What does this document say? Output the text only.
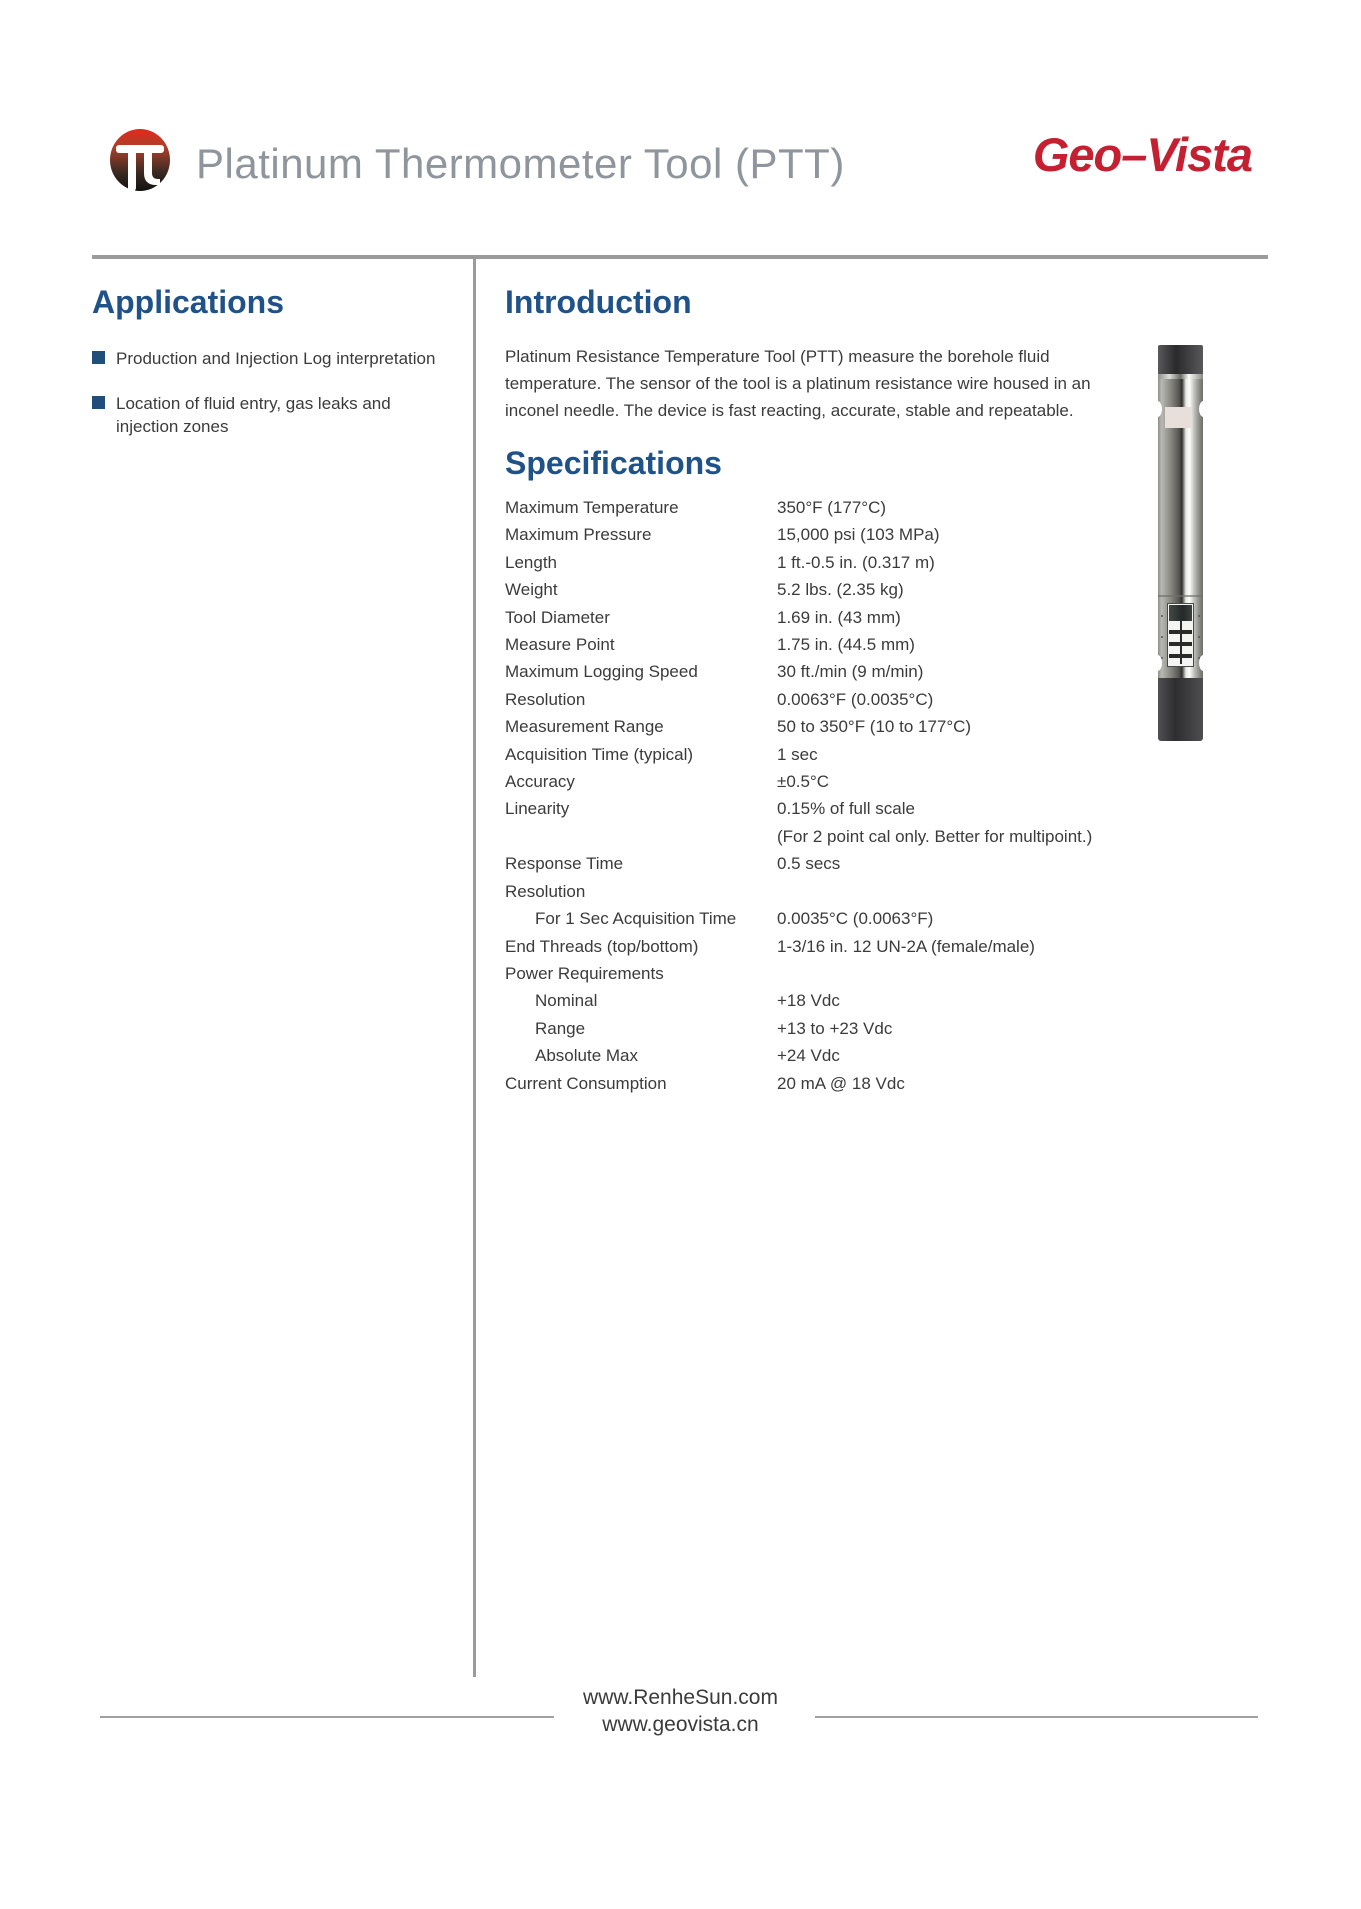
Platinum Thermometer Tool (PTT)	Geo–Vista
Applications
Production and Injection Log interpretation
Location of fluid entry, gas leaks and injection zones
Introduction

Platinum Resistance Temperature Tool (PTT) measure the borehole fluid temperature. The sensor of the tool is a platinum resistance wire housed in an inconel needle. The device is fast reacting, accurate, stable and repeatable.

Specifications
Maximum Temperature	350°F (177°C)
Maximum Pressure	15,000 psi (103 MPa)
Length	1 ft.-0.5 in. (0.317 m)
Weight	5.2 lbs. (2.35 kg)
Tool Diameter	1.69 in. (43 mm)
Measure Point	1.75 in. (44.5 mm)
Maximum Logging Speed	30 ft./min (9 m/min)
Resolution	0.0063°F (0.0035°C)
Measurement Range	50 to 350°F (10 to 177°C)
Acquisition Time (typical)	1 sec
Accuracy	±0.5°C
Linearity	0.15% of full scale
(For 2 point cal only. Better for multipoint.)
Response Time	0.5 secs
Resolution
For 1 Sec Acquisition Time	0.0035°C (0.0063°F)
End Threads (top/bottom)	1-3/16 in. 12 UN-2A (female/male)
Power Requirements
Nominal	+18 Vdc
Range	+13 to +23 Vdc
Absolute Max	+24 Vdc
Current Consumption	20 mA @ 18 Vdc
www.RenheSun.com
www.geovista.cn
